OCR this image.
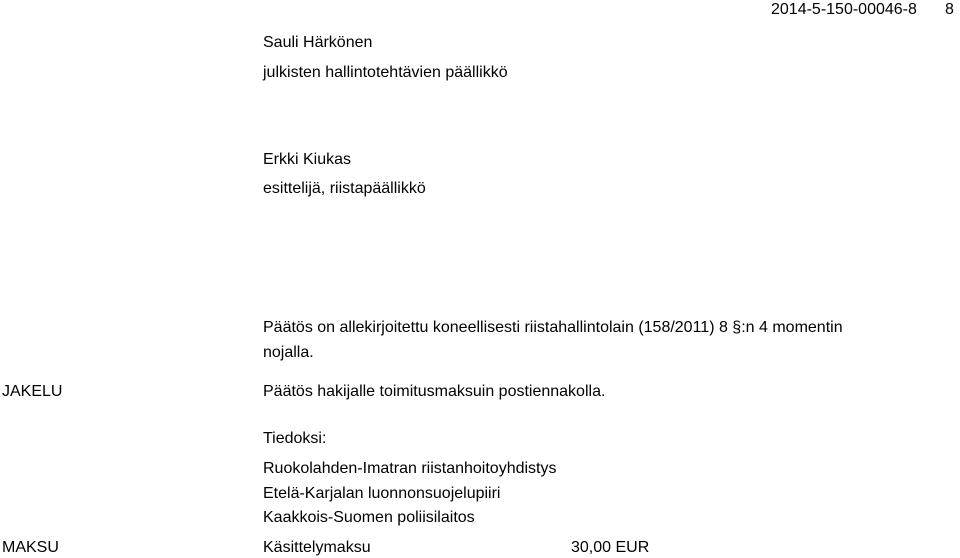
2014-5-150-00046-8 8
Sauli Härkönen
julkisten hallintotehtävien päällikkö
Erkki Kiukas
esittelijä, riistapäällikkö
Päätös on allekirjoitettu koneellisesti riistahallintolain (158/2011) 8 §:n 4 momentin
nojalla.
JAKELU	Päätös hakijalle toimitusmaksuin postiennakolla.
Tiedoksi:
Ruokolahden-Imatran riistanhoitoyhdistys
Etelä-Karjalan luonnonsuojelupiiri
Kaakkois-Suomen poliisilaitos
MAKSU	Käsittelymaksu	30,00 EUR
